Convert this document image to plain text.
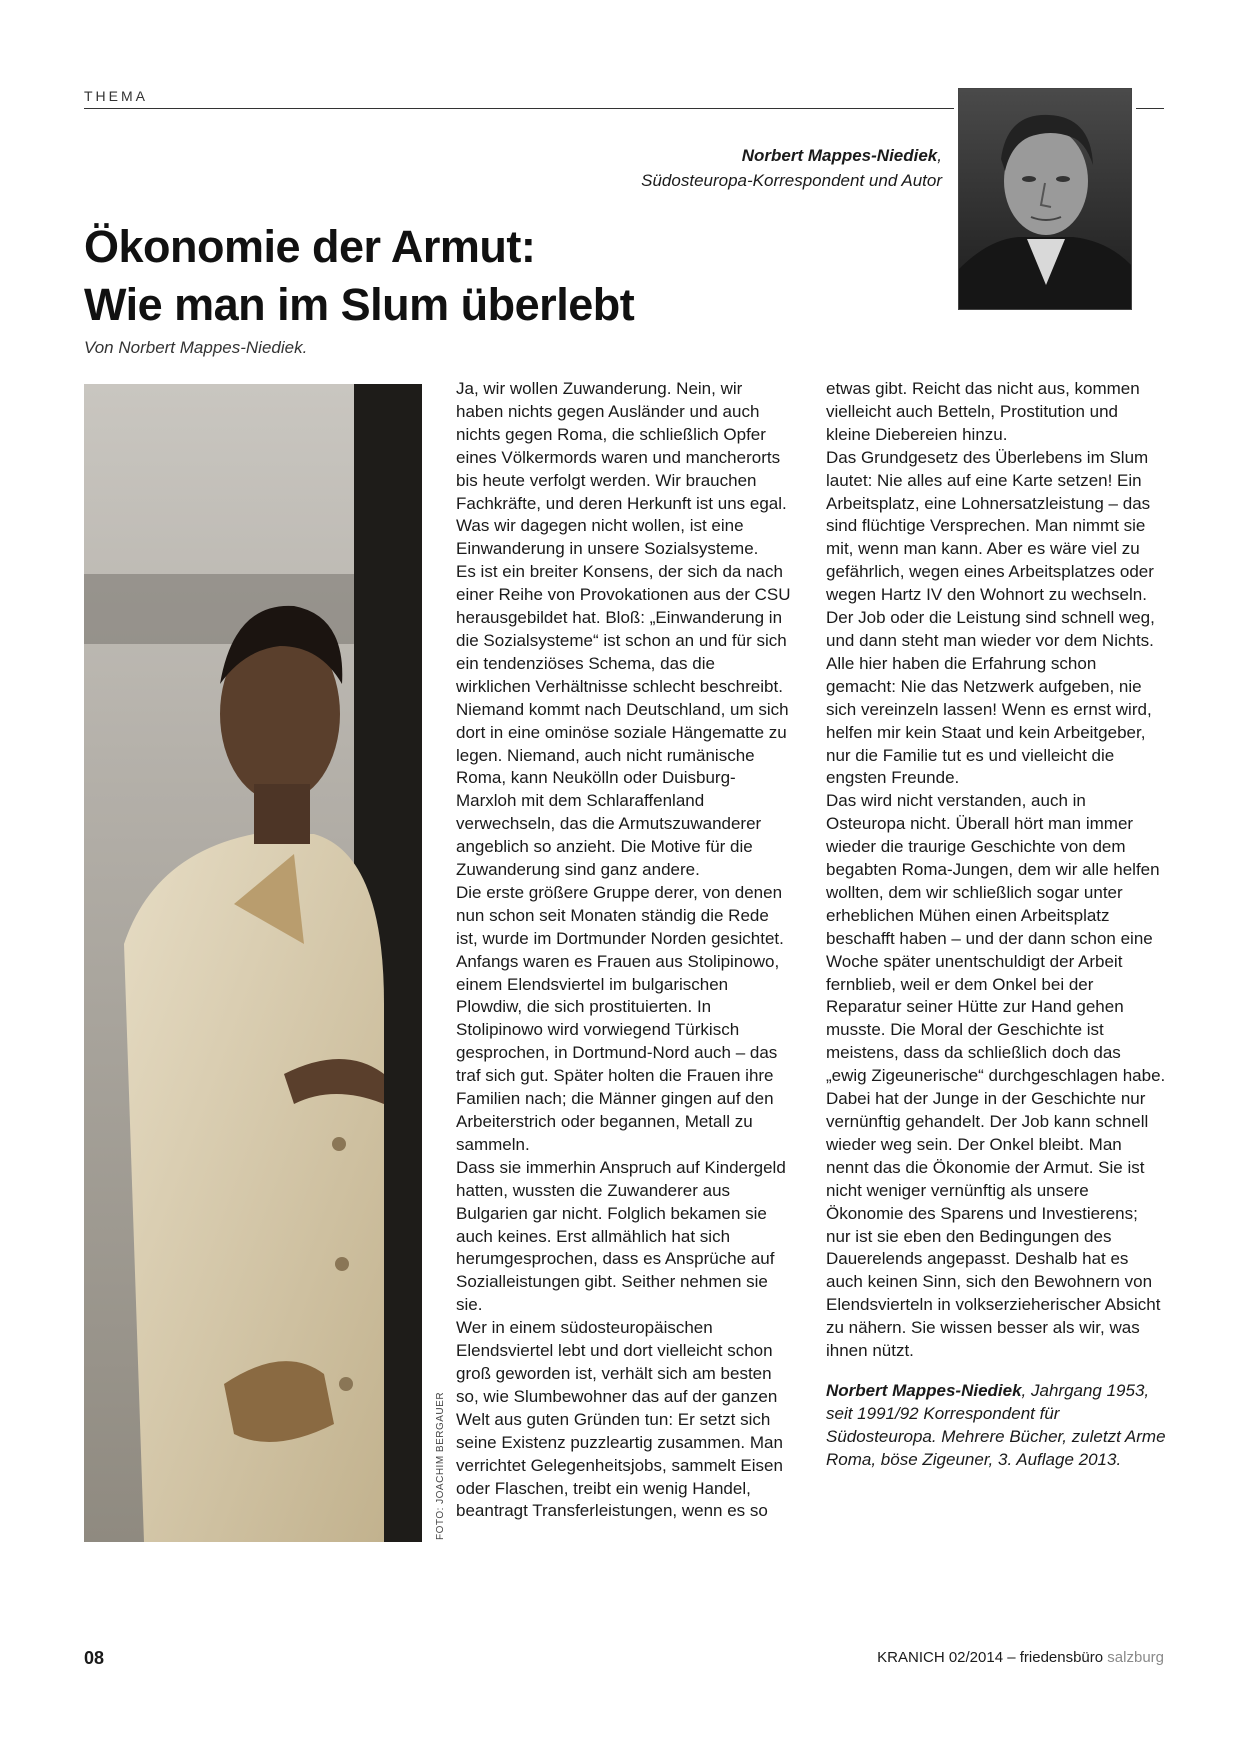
THEMA
Norbert Mappes-Niediek,
Südosteuropa-Korrespondent und Autor
Ökonomie der Armut:
Wie man im Slum überlebt
Von Norbert Mappes-Niediek.
FOTO: JOACHIM BERGAUER

Ja, wir wollen Zuwanderung. Nein, wir haben nichts gegen Ausländer und auch nichts gegen Roma, die schließlich Opfer eines Völkermords waren und mancherorts bis heute verfolgt werden. Wir brauchen Fachkräfte, und deren Herkunft ist uns egal. Was wir dagegen nicht wollen, ist eine Einwanderung in unsere Sozialsysteme.

Es ist ein breiter Konsens, der sich da nach einer Reihe von Provokationen aus der CSU herausgebildet hat. Bloß: „Einwanderung in die Sozialsysteme“ ist schon an und für sich ein tendenziöses Schema, das die wirklichen Verhältnisse schlecht beschreibt. Niemand kommt nach Deutschland, um sich dort in eine ominöse soziale Hängematte zu legen. Niemand, auch nicht rumänische Roma, kann Neukölln oder Duisburg-Marxloh mit dem Schlaraffenland verwechseln, das die Armutszuwanderer angeblich so anzieht. Die Motive für die Zuwanderung sind ganz andere.

Die erste größere Gruppe derer, von denen nun schon seit Monaten ständig die Rede ist, wurde im Dortmunder Norden gesichtet. Anfangs waren es Frauen aus Stolipinowo, einem Elendsviertel im bulgarischen Plowdiw, die sich prostituierten. In Stolipinowo wird vorwiegend Türkisch gesprochen, in Dortmund-Nord auch – das traf sich gut. Später holten die Frauen ihre Familien nach; die Männer gingen auf den Arbeiterstrich oder begannen, Metall zu sammeln.

Dass sie immerhin Anspruch auf Kindergeld hatten, wussten die Zuwanderer aus Bulgarien gar nicht. Folglich bekamen sie auch keines. Erst allmählich hat sich herumgesprochen, dass es Ansprüche auf Sozialleistungen gibt. Seither nehmen sie sie.

Wer in einem südosteuropäischen Elendsviertel lebt und dort vielleicht schon groß geworden ist, verhält sich am besten so, wie Slumbewohner das auf der ganzen Welt aus guten Gründen tun: Er setzt sich seine Existenz puzzleartig zusammen. Man verrichtet Gelegenheitsjobs, sammelt Eisen oder Flaschen, treibt ein wenig Handel, beantragt Transferleistungen, wenn es so

etwas gibt. Reicht das nicht aus, kommen vielleicht auch Betteln, Prostitution und kleine Diebereien hinzu.

Das Grundgesetz des Überlebens im Slum lautet: Nie alles auf eine Karte setzen! Ein Arbeitsplatz, eine Lohnersatzleistung – das sind flüchtige Versprechen. Man nimmt sie mit, wenn man kann. Aber es wäre viel zu gefährlich, wegen eines Arbeitsplatzes oder wegen Hartz IV den Wohnort zu wechseln. Der Job oder die Leistung sind schnell weg, und dann steht man wieder vor dem Nichts. Alle hier haben die Erfahrung schon gemacht: Nie das Netzwerk aufgeben, nie sich vereinzeln lassen! Wenn es ernst wird, helfen mir kein Staat und kein Arbeitgeber, nur die Familie tut es und vielleicht die engsten Freunde.

Das wird nicht verstanden, auch in Osteuropa nicht. Überall hört man immer wieder die traurige Geschichte von dem begabten Roma-Jungen, dem wir alle helfen wollten, dem wir schließlich sogar unter erheblichen Mühen einen Arbeitsplatz beschafft haben – und der dann schon eine Woche später unentschuldigt der Arbeit fernblieb, weil er dem Onkel bei der Reparatur seiner Hütte zur Hand gehen musste. Die Moral der Geschichte ist meistens, dass da schließlich doch das „ewig Zigeunerische“ durchgeschlagen habe.

Dabei hat der Junge in der Geschichte nur vernünftig gehandelt. Der Job kann schnell wieder weg sein. Der Onkel bleibt. Man nennt das die Ökonomie der Armut. Sie ist nicht weniger vernünftig als unsere Ökonomie des Sparens und Investierens; nur ist sie eben den Bedingungen des Dauerelends angepasst. Deshalb hat es auch keinen Sinn, sich den Bewohnern von Elendsvierteln in volkserzieherischer Absicht zu nähern. Sie wissen besser als wir, was ihnen nützt.

Norbert Mappes-Niediek, Jahrgang 1953, seit 1991/92 Korrespondent für Südosteuropa. Mehrere Bücher, zuletzt Arme Roma, böse Zigeuner, 3. Auflage 2013.

08	KRANICH 02/2014 – friedensbüro salzburg
